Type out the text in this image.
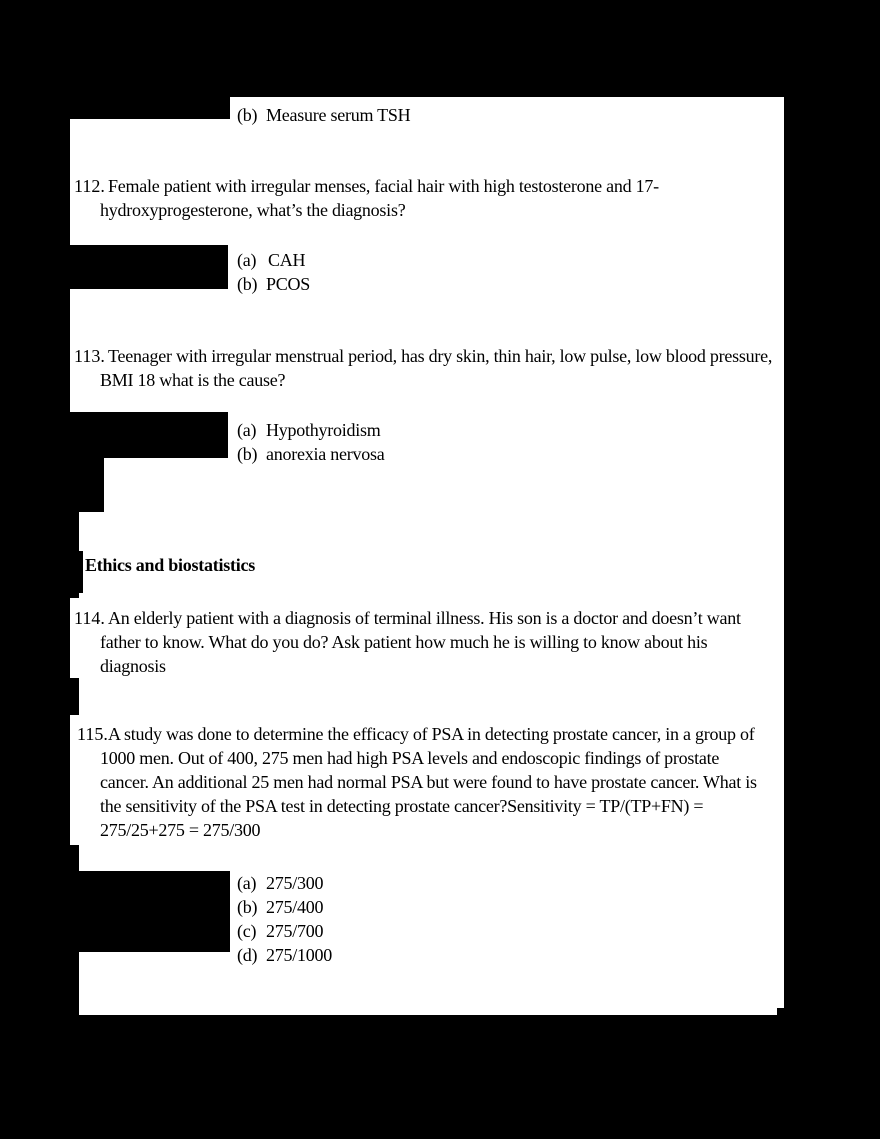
(b) Measure serum TSH
112. Female patient with irregular menses, facial hair with high testosterone and 17-
hydroxyprogesterone, what’s the diagnosis?
(a) CAH
(b) PCOS
113. Teenager with irregular menstrual period, has dry skin, thin hair, low pulse, low blood pressure,
BMI 18 what is the cause?
(a) Hypothyroidism
(b) anorexia nervosa
Ethics and biostatistics
114. An elderly patient with a diagnosis of terminal illness. His son is a doctor and doesn’t want
father to know. What do you do? Ask patient how much he is willing to know about his
diagnosis
115. A study was done to determine the efficacy of PSA in detecting prostate cancer, in a group of
1000 men. Out of 400, 275 men had high PSA levels and endoscopic findings of prostate
cancer. An additional 25 men had normal PSA but were found to have prostate cancer. What is
the sensitivity of the PSA test in detecting prostate cancer?Sensitivity = TP/(TP+FN) =
275/25+275 = 275/300
(a) 275/300
(b) 275/400
(c) 275/700
(d) 275/1000
